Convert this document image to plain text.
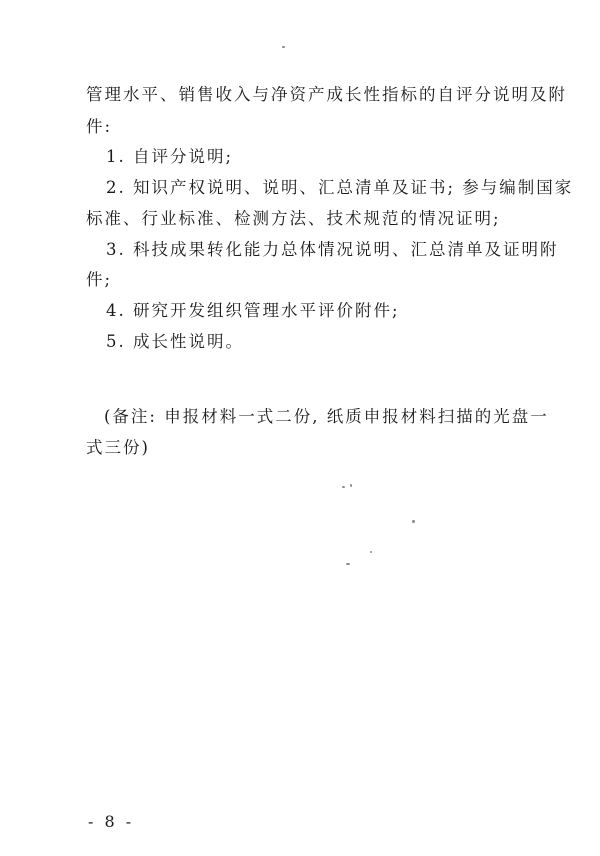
管理水平、销售收入与净资产成长性指标的自评分说明及附
件:
1. 自评分说明;
2. 知识产权说明、说明、汇总清单及证书; 参与编制国家
标准、行业标准、检测方法、技术规范的情况证明;
3. 科技成果转化能力总体情况说明、汇总清单及证明附
件;
4. 研究开发组织管理水平评价附件;
5. 成长性说明。
(备注: 申报材料一式二份, 纸质申报材料扫描的光盘一
式三份)
- 8 -
